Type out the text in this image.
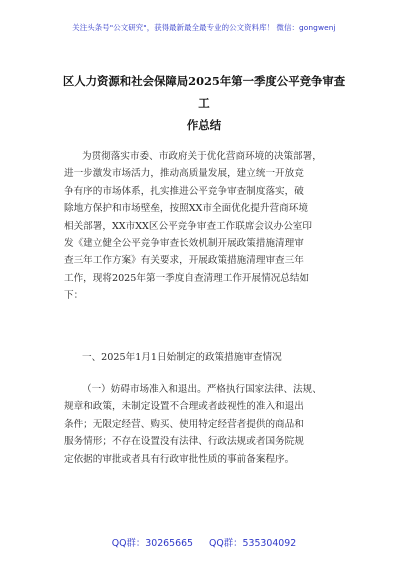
关注头条号"公文研究"，获得最新最全最专业的公文资料库！ 微信：gongwenj
区人力资源和社会保障局2025年第一季度公平竞争审查工
作总结
为贯彻落实市委、市政府关于优化营商环境的决策部署，
进一步激发市场活力，推动高质量发展，建立统一开放竞
争有序的市场体系，扎实推进公平竞争审查制度落实，破
除地方保护和市场壁垒，按照XX市全面优化提升营商环境
相关部署，XX市XX区公平竞争审查工作联席会议办公室印
发《建立健全公平竞争审查长效机制开展政策措施清理审
查三年工作方案》有关要求，开展政策措施清理审查三年
工作，现将2025年第一季度自查清理工作开展情况总结如
下：
一、2025年1月1日始制定的政策措施审查情况
（一）妨碍市场准入和退出。严格执行国家法律、法规、
规章和政策，未制定设置不合理或者歧视性的准入和退出
条件；无限定经营、购买、使用特定经营者提供的商品和
服务情形；不存在设置没有法律、行政法规或者国务院规
定依据的审批或者具有行政审批性质的事前备案程序。
QQ群：30265665 QQ群：535304092
